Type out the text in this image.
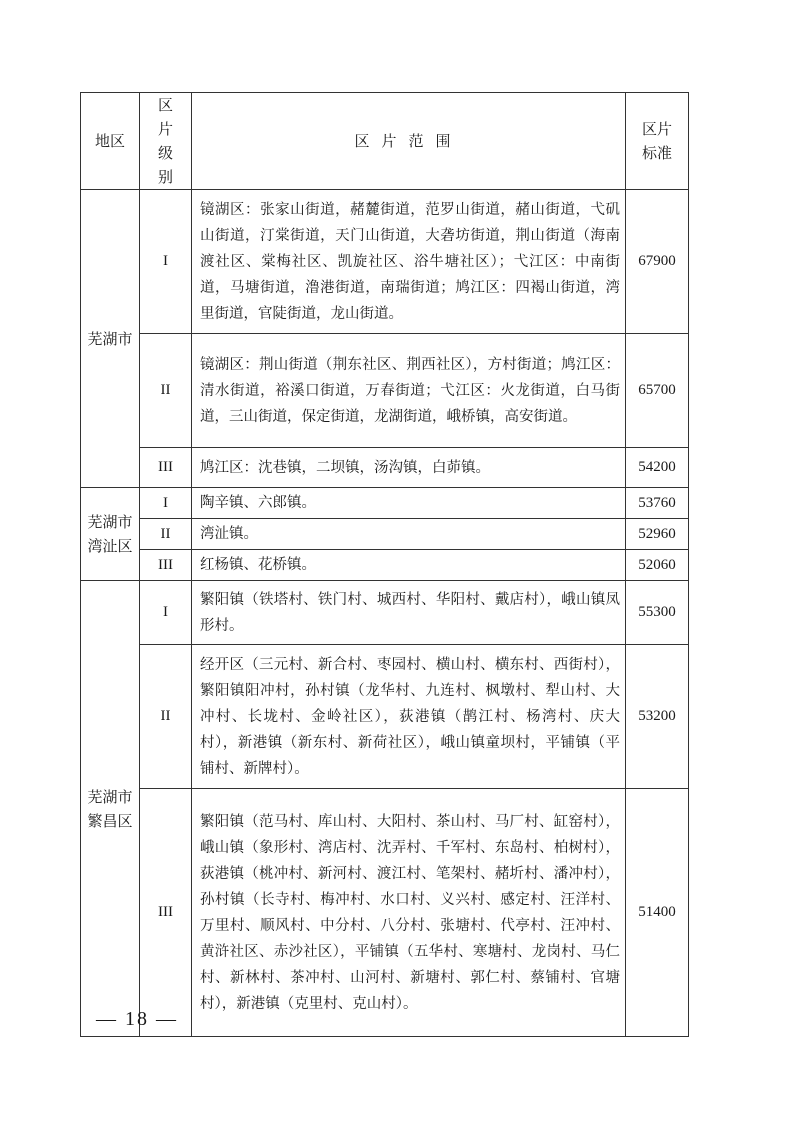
地区	区片级别	区片范围	区片标准
芜湖市	I	镜湖区：张家山街道，赭麓街道，范罗山街道，赭山街道，弋矶山街道，汀棠街道，天门山街道，大砻坊街道，荆山街道（海南渡社区、棠梅社区、凯旋社区、浴牛塘社区）；弋江区：中南街道，马塘街道，澛港街道，南瑞街道；鸠江区：四褐山街道，湾里街道，官陡街道，龙山街道。	67900
	II	镜湖区：荆山街道（荆东社区、荆西社区），方村街道；鸠江区：清水街道，裕溪口街道，万春街道；弋江区：火龙街道，白马街道，三山街道，保定街道，龙湖街道，峨桥镇，高安街道。	65700
	III	鸠江区：沈巷镇，二坝镇，汤沟镇，白茆镇。	54200
芜湖市湾沚区	I	陶辛镇、六郎镇。	53760
	II	湾沚镇。	52960
	III	红杨镇、花桥镇。	52060
芜湖市繁昌区	I	繁阳镇（铁塔村、铁门村、城西村、华阳村、戴店村），峨山镇凤形村。	55300
	II	经开区（三元村、新合村、枣园村、横山村、横东村、西街村），繁阳镇阳冲村，孙村镇（龙华村、九连村、枫墩村、犁山村、大冲村、长垅村、金岭社区），荻港镇（鹊江村、杨湾村、庆大村），新港镇（新东村、新荷社区），峨山镇童坝村，平铺镇（平铺村、新牌村）。	53200
	III	繁阳镇（范马村、库山村、大阳村、茶山村、马厂村、缸窑村），峨山镇（象形村、湾店村、沈弄村、千军村、东岛村、柏树村），荻港镇（桃冲村、新河村、渡江村、笔架村、赭圻村、潘冲村），孙村镇（长寺村、梅冲村、水口村、义兴村、感定村、汪洋村、万里村、顺风村、中分村、八分村、张塘村、代亭村、汪冲村、黄浒社区、赤沙社区），平铺镇（五华村、寒塘村、龙岗村、马仁村、新林村、茶冲村、山河村、新塘村、郭仁村、蔡铺村、官塘村），新港镇（克里村、克山村）。	51400
— 18 —
